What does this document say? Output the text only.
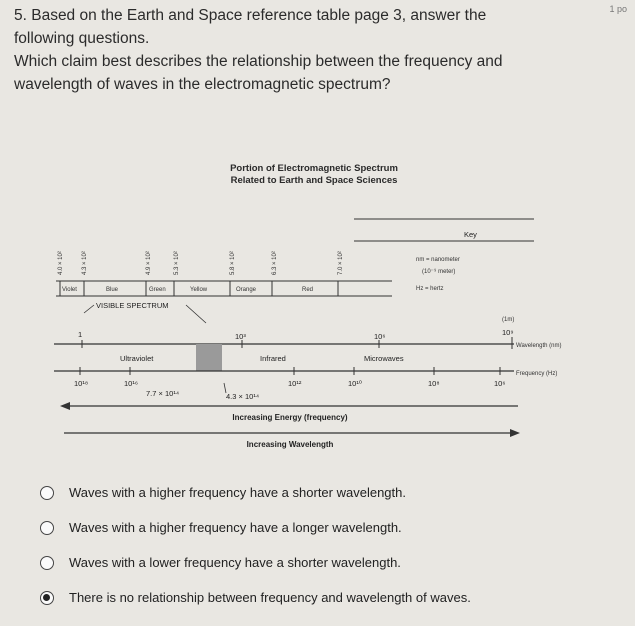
5. Based on the Earth and Space reference table page 3, answer the

following questions.

Which claim best describes the relationship between the frequency and

wavelength of waves in the electromagnetic spectrum?

1 po
Portion of Electromagnetic Spectrum
Related to Earth and Space Sciences
4.0 × 10²	4.3 × 10²	4.9 × 10²	5.3 × 10²	5.8 × 10²	6.3 × 10²	7.0 × 10²
Violet	Blue	Green	Yellow	Orange	Red
Key
nm = nanometer
(10⁻⁹ meter)
Hz = hertz
VISIBLE SPECTRUM
(1m)
1	10³	10⁶	10⁹
Wavelength (nm)
Ultraviolet	Infrared	Microwaves
Frequency (Hz)
10¹⁸	10¹⁶	10¹²	10¹⁰	10⁸	10⁶
7.7 × 10¹⁴	4.3 × 10¹⁴
Increasing Energy (frequency)
Increasing Wavelength
Waves with a higher frequency have a shorter wavelength.
Waves with a higher frequency have a longer wavelength.
Waves with a lower frequency have a shorter wavelength.
There is no relationship between frequency and wavelength of waves.
